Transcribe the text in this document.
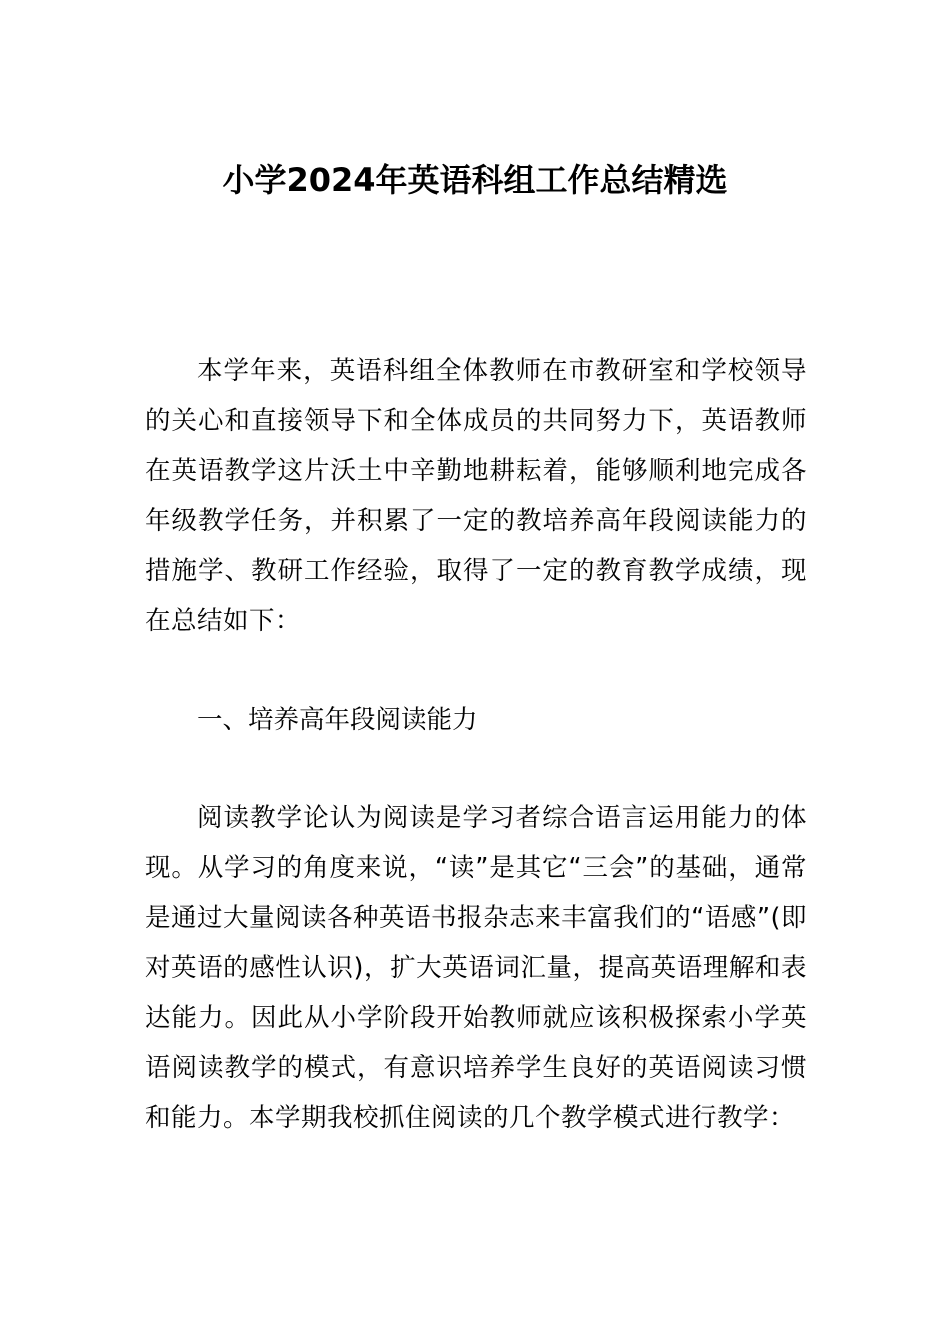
小学2024年英语科组工作总结精选

本学年来，英语科组全体教师在市教研室和学校领导的关心和直接领导下和全体成员的共同努力下，英语教师在英语教学这片沃土中辛勤地耕耘着，能够顺利地完成各年级教学任务，并积累了一定的教培养高年段阅读能力的措施学、教研工作经验，取得了一定的教育教学成绩，现在总结如下：

一、培养高年段阅读能力

阅读教学论认为阅读是学习者综合语言运用能力的体现。从学习的角度来说，“读”是其它“三会”的基础，通常是通过大量阅读各种英语书报杂志来丰富我们的“语感”(即对英语的感性认识)，扩大英语词汇量，提高英语理解和表达能力。因此从小学阶段开始教师就应该积极探索小学英语阅读教学的模式，有意识培养学生良好的英语阅读习惯和能力。本学期我校抓住阅读的几个教学模式进行教学：
